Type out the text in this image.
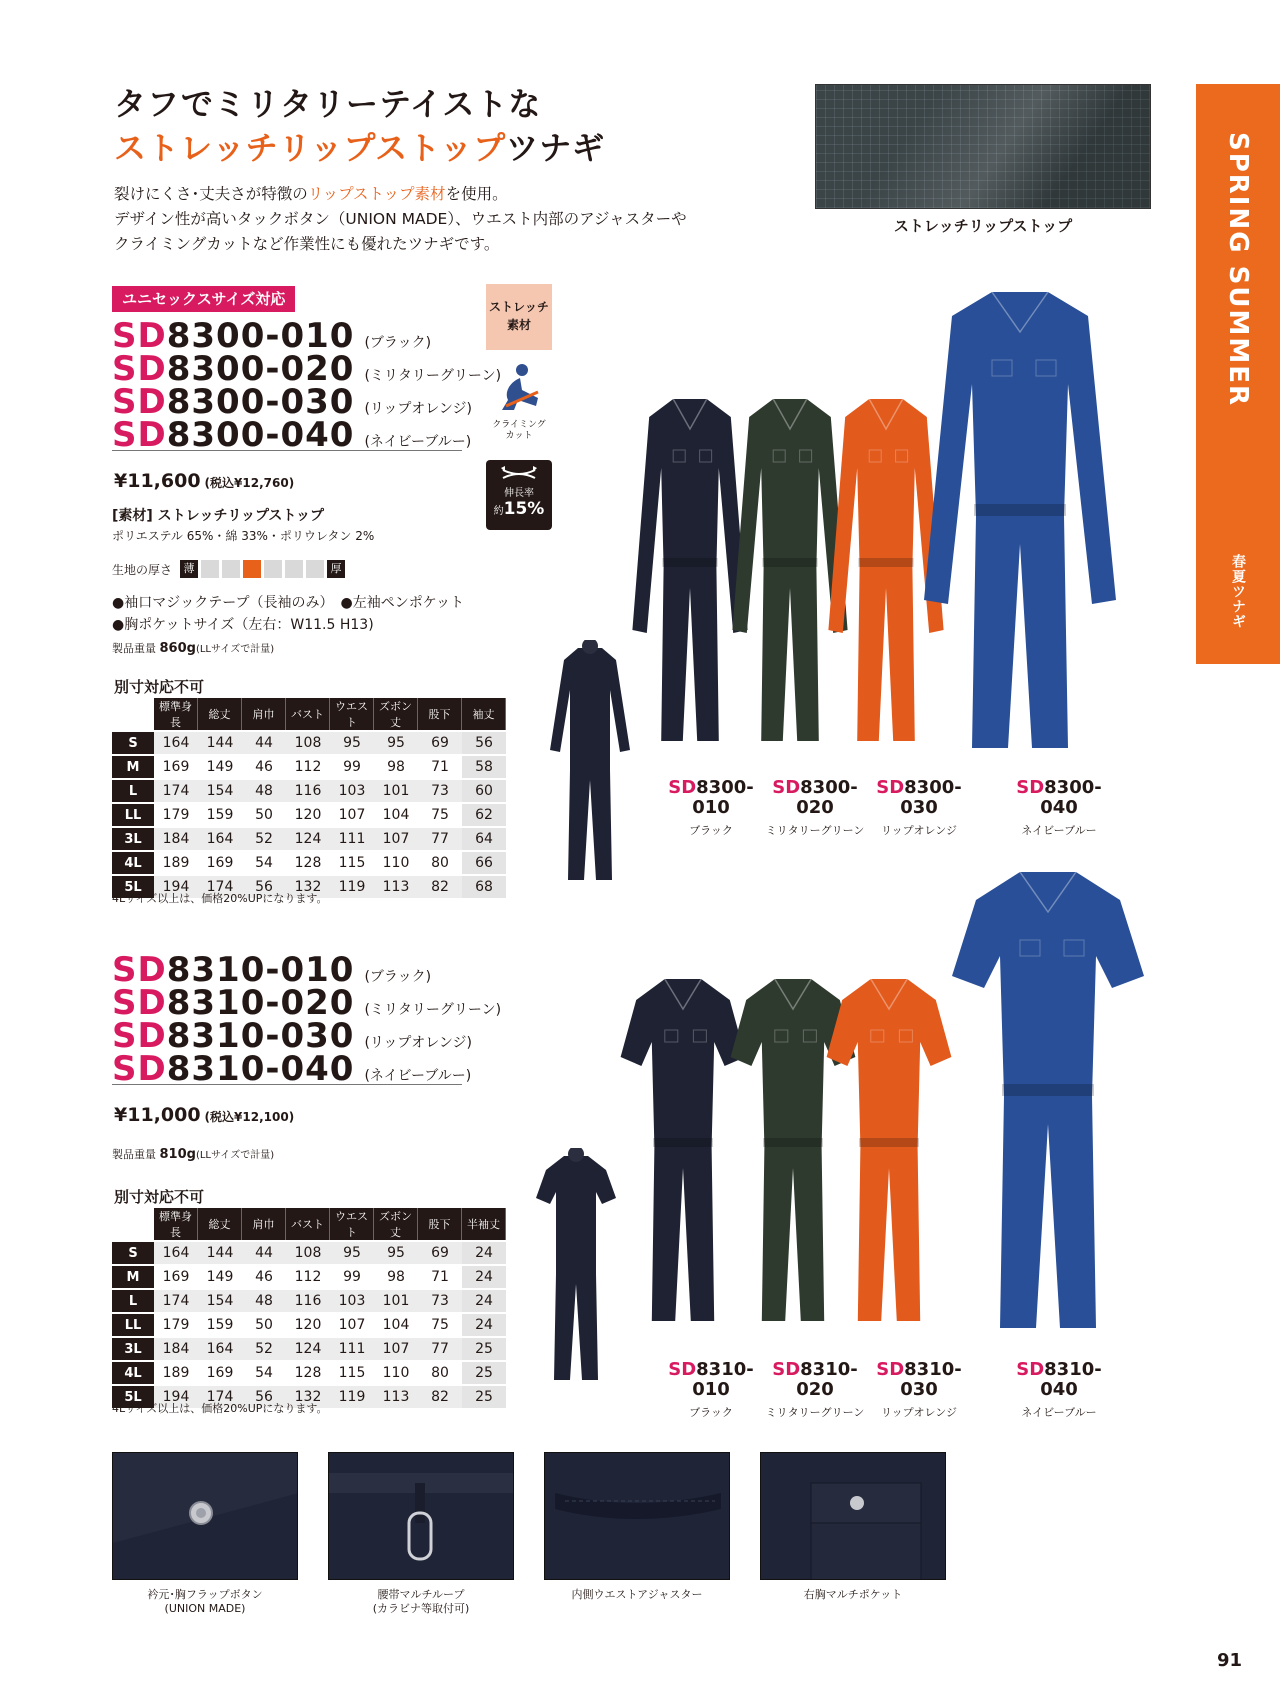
タフでミリタリーテイストな
ストレッチリップストップツナギ
裂けにくさ･丈夫さが特徴のリップストップ素材を使用。
デザイン性が高いタックボタン（UNION MADE）、ウエスト内部のアジャスターや
クライミングカットなど作業性にも優れたツナギです。
ストレッチリップストップ	SPRING SUMMER
春夏ツナギ
ユニセックスサイズ対応
SD 8300-010 (ブラック)
SD 8300-020 (ミリタリーグリーン)
SD 8300-030 (リップオレンジ)
SD 8300-040 (ネイビーブルー)
¥11,600 (税込¥12,760)
[素材] ストレッチリップストップ
ポリエステル 65%・綿 33%・ポリウレタン 2%
生地の厚さ	薄	厚
●袖口マジックテープ（長袖のみ）　●左袖ペンポケット
●胸ポケットサイズ（左右：W11.5 H13)
製品重量 860g(LLサイズで計量)
ストレッチ
素材
クライミング
カット
伸長率
約15%
別寸対応不可
	標準身長	総丈	肩巾	バスト	ウエスト	ズボン丈	股下	袖丈
S	164	144	44	108	95	95	69	56
M	169	149	46	112	99	98	71	58
L	174	154	48	116	103	101	73	60
LL	179	159	50	120	107	104	75	62
3L	184	164	52	124	111	107	77	64
4L	189	169	54	128	115	110	80	66
5L	194	174	56	132	119	113	82	68
4Lサイズ以上は、価格20%UPになります。
SD 8310-010 (ブラック)
SD 8310-020 (ミリタリーグリーン)
SD 8310-030 (リップオレンジ)
SD 8310-040 (ネイビーブルー)
¥11,000 (税込¥12,100)
製品重量 810g(LLサイズで計量)
別寸対応不可
	標準身長	総丈	肩巾	バスト	ウエスト	ズボン丈	股下	半袖丈
S	164	144	44	108	95	95	69	24
M	169	149	46	112	99	98	71	24
L	174	154	48	116	103	101	73	24
LL	179	159	50	120	107	104	75	24
3L	184	164	52	124	111	107	77	25
4L	189	169	54	128	115	110	80	25
5L	194	174	56	132	119	113	82	25
4Lサイズ以上は、価格20%UPになります。
SD8300-
010
ブラック
SD8300-
020
ミリタリーグリーン
SD8300-
030
リップオレンジ
SD8300-
040
ネイビーブルー
SD8310-
010
ブラック
SD8310-
020
ミリタリーグリーン
SD8310-
030
リップオレンジ
SD8310-
040
ネイビーブルー
衿元･胸フラップボタン
(UNION MADE)
腰帯マルチループ
(カラビナ等取付可)
内側ウエストアジャスター	右胸マルチポケット
91
